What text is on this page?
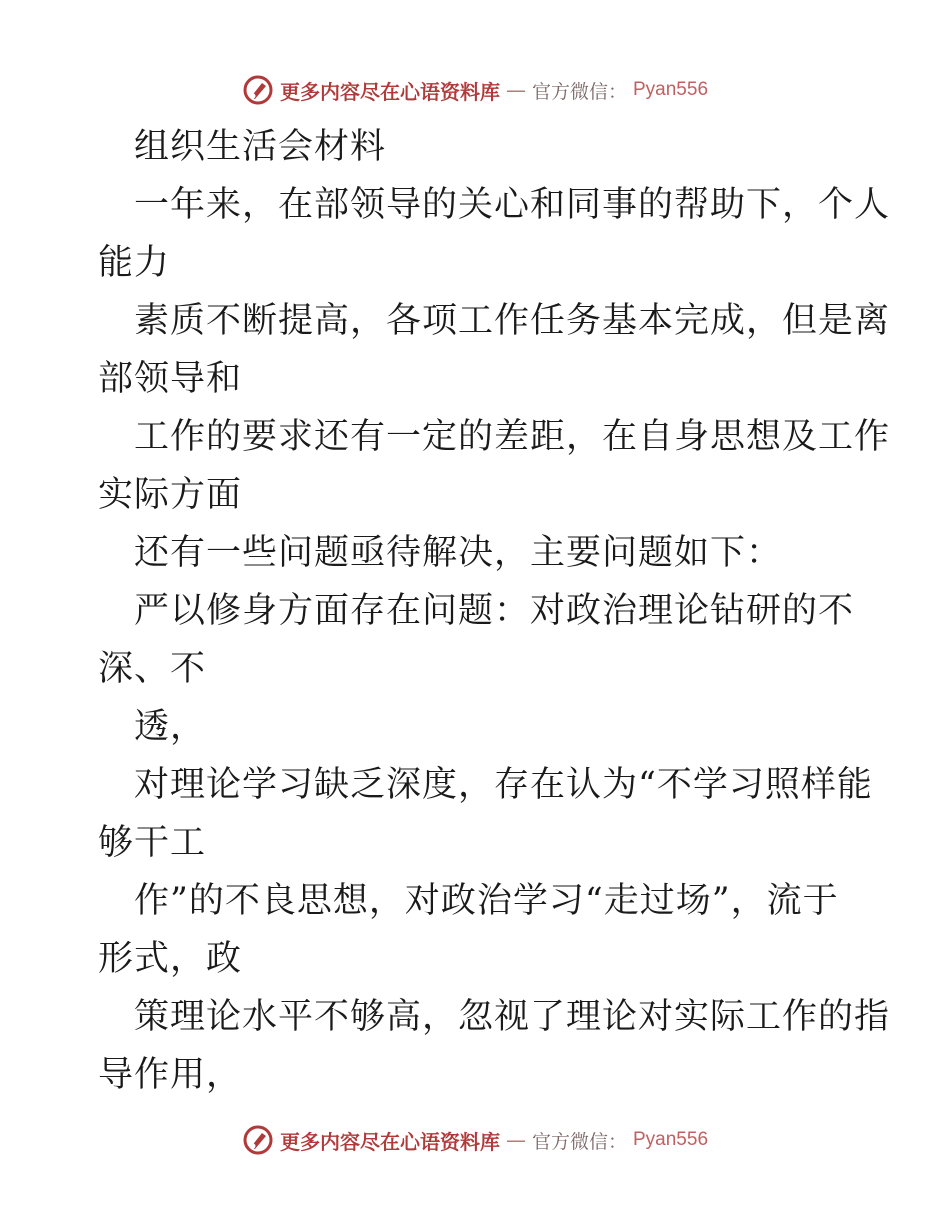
更多内容尽在心语资料库 — 官方微信： Pyan556
组织生活会材料
一年来，在部领导的关心和同事的帮助下，个人
能力
素质不断提高，各项工作任务基本完成，但是离
部领导和
工作的要求还有一定的差距，在自身思想及工作
实际方面
还有一些问题亟待解决，主要问题如下：
严以修身方面存在问题：对政治理论钻研的不
深、不
透，
对理论学习缺乏深度，存在认为“不学习照样能
够干工
作”的不良思想，对政治学习“走过场”，流于
形式，政
策理论水平不够高，忽视了理论对实际工作的指
导作用，
更多内容尽在心语资料库 — 官方微信： Pyan556
